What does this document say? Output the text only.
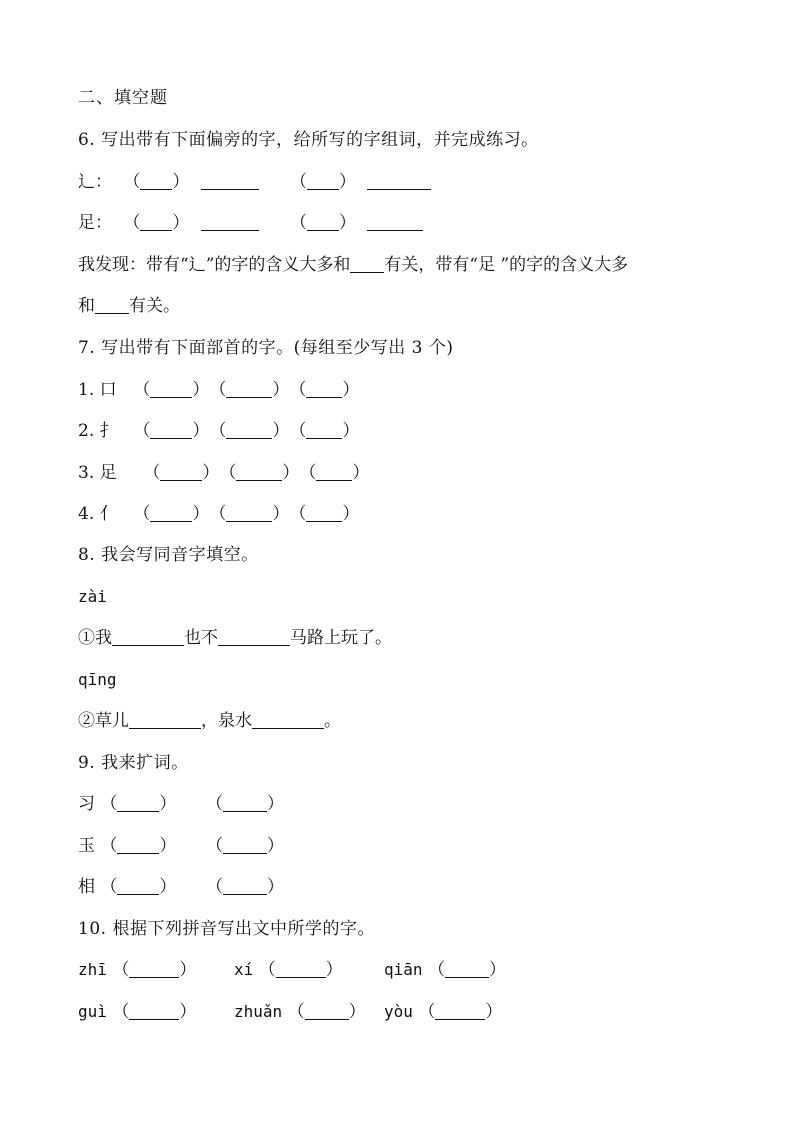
二、填空题
6. 写出带有下面偏旁的字，给所写的字组词，并完成练习。
辶： （ ）	（ ）
足： （ ）	（ ）
我发现：带有“辶”的字的含义大多和 有关，带有“足 ”的字的含义大多
和 有关。
7. 写出带有下面部首的字。(每组至少写出 3 个)
1. 口 （ ）（	）（ ）
2. 扌 （ ）（	）（ ）
3. 足 （ ）（	）（ ）
4. 亻 （ ）（	）（ ）
8. 我会写同音字填空。
zài
①我	也不	马路上玩了。
qīng
②草儿	，泉水	。
9. 我来扩词。
习 （ ） （	）
玉 （ ） （	）
相 （ ） （	）
10. 根据下列拼音写出文中所学的字。
zhī （	） xí （	）	qiān （	）
guì （	） zhuǎn （	） yòu （	）
